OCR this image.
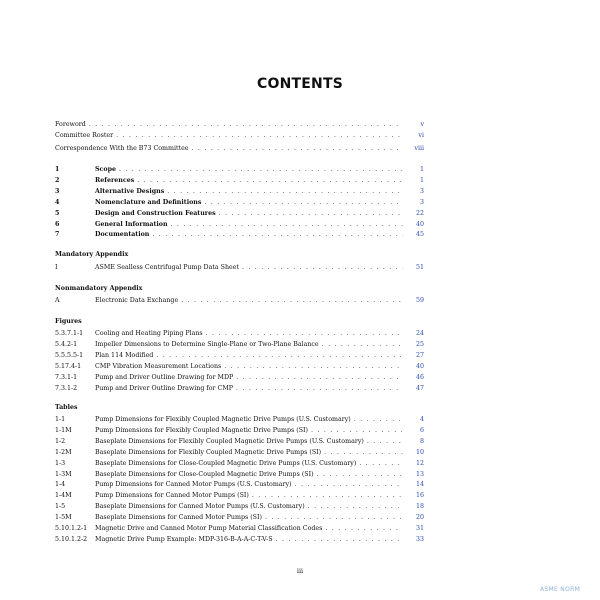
CONTENTS
Foreword . . .	v
Committee Roster . . .	vi
Correspondence With the B73 Committee . . .	viii
1	Scope . . .	1
2	References . . .	1
3	Alternative Designs . . .	3
4	Nomenclature and Definitions . . .	3
5	Design and Construction Features . . .	22
6	General Information . . .	40
7	Documentation . . .	45
Mandatory Appendix
I	ASME Sealless Centrifugal Pump Data Sheet . . .	51
Nonmandatory Appendix
A	Electronic Data Exchange . . .	59
Figures
5.3.7.1-1	Cooling and Heating Piping Plans . . .	24
5.4.2-1	Impeller Dimensions to Determine Single-Plane or Two-Plane Balance . . .	25
5.5.5.5-1	Plan 114 Modified . . .	27
5.17.4-1	CMP Vibration Measurement Locations . . .	40
7.3.1-1	Pump and Driver Outline Drawing for MDP . . .	46
7.3.1-2	Pump and Driver Outline Drawing for CMP . . .	47
Tables
1-1	Pump Dimensions for Flexibly Coupled Magnetic Drive Pumps (U.S. Customary) . . .	4
1-1M	Pump Dimensions for Flexibly Coupled Magnetic Drive Pumps (SI) . . .	6
1-2	Baseplate Dimensions for Flexibly Coupled Magnetic Drive Pumps (U.S. Customary) . . .	8
1-2M	Baseplate Dimensions for Flexibly Coupled Magnetic Drive Pumps (SI) . . .	10
1-3	Baseplate Dimensions for Close-Coupled Magnetic Drive Pumps (U.S. Customary) . . .	12
1-3M	Baseplate Dimensions for Close-Coupled Magnetic Drive Pumps (SI) . . .	13
1-4	Pump Dimensions for Canned Motor Pumps (U.S. Customary) . . .	14
1-4M	Pump Dimensions for Canned Motor Pumps (SI) . . .	16
1-5	Baseplate Dimensions for Canned Motor Pumps (U.S. Customary) . . .	18
1-5M	Baseplate Dimensions for Canned Motor Pumps (SI) . . .	20
5.10.1.2-1	Magnetic Drive and Canned Motor Pump Material Classification Codes . . .	31
5.10.1.2-2	Magnetic Drive Pump Example: MDP-316-B-A-A-C-T-V-S . . .	33
iii
ASME NORM
